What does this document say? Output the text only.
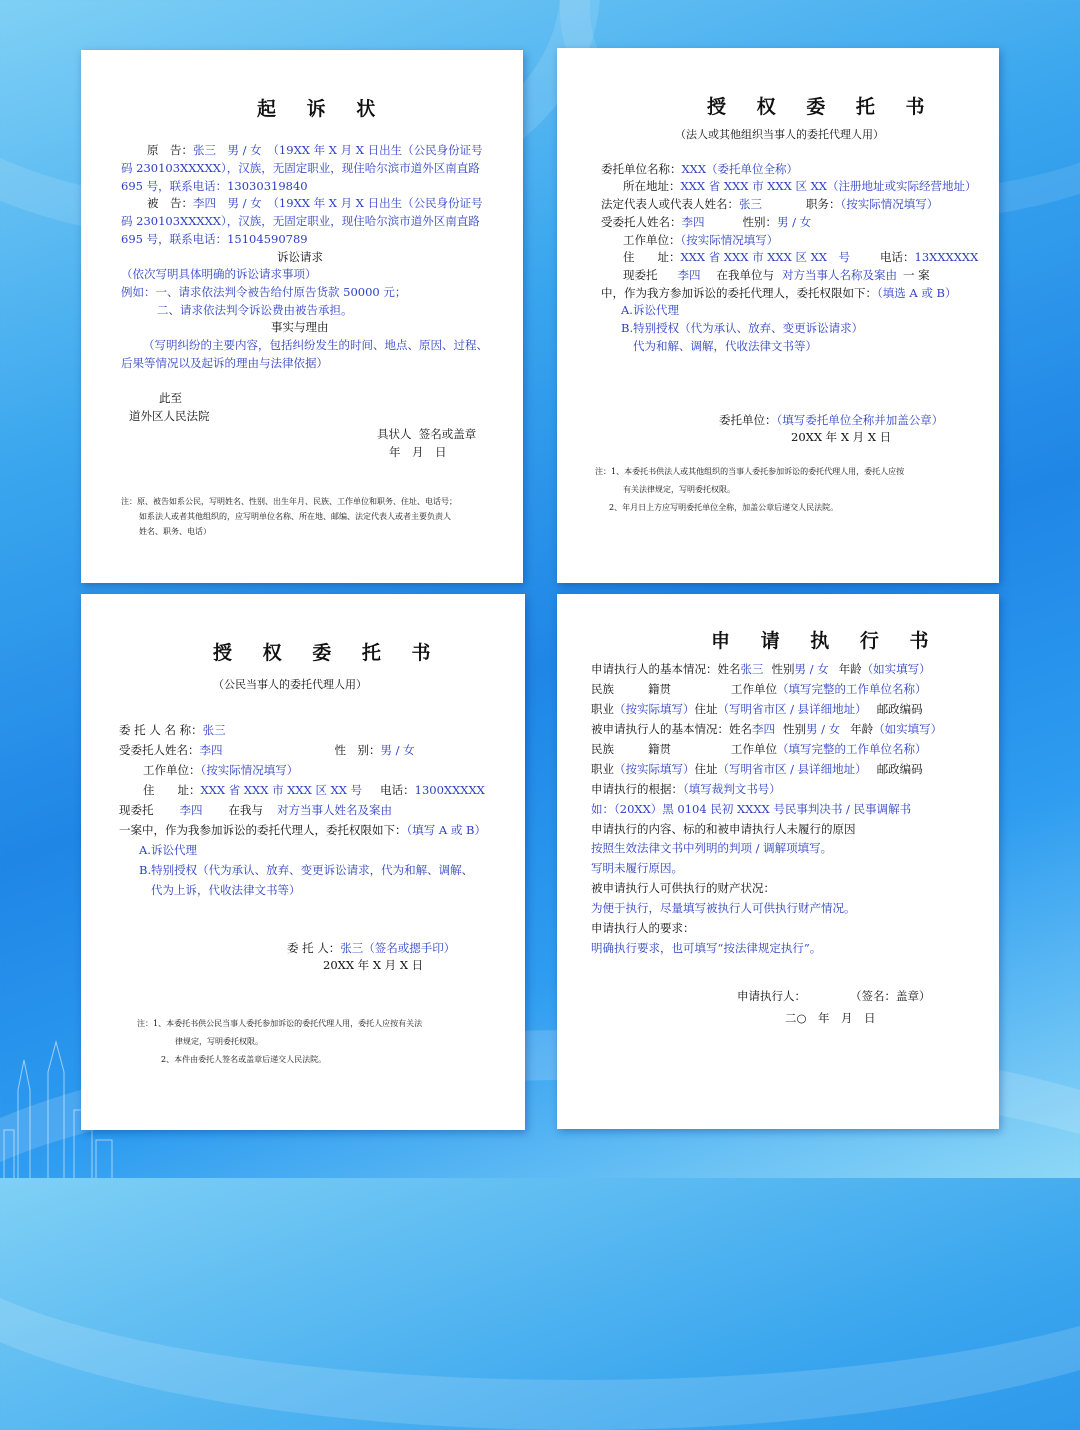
起 诉 状
原　告：张三　男 / 女　（19XX 年 X 月 X 日出生（公民身份证号
码 230103XXXXX），汉族，无固定职业，现住哈尔滨市道外区南直路
695 号，联系电话：13030319840
被　告：李四　男 / 女　（19XX 年 X 月 X 日出生（公民身份证号
码 230103XXXXX），汉族，无固定职业，现住哈尔滨市道外区南直路
695 号，联系电话：15104590789
诉讼请求
（依次写明具体明确的诉讼请求事项）
例如：一、请求依法判令被告给付原告货款 50000 元；
二、请求依法判令诉讼费由被告承担。
事实与理由
（写明纠纷的主要内容，包括纠纷发生的时间、地点、原因、过程、
后果等情况以及起诉的理由与法律依据）
此至
道外区人民法院
具状人  签名或盖章
年　月　日
注：原、被告如系公民，写明姓名、性别、出生年月、民族、工作单位和职务、住址、电话号；
如系法人或者其他组织的，应写明单位名称、所在地、邮编、法定代表人或者主要负责人
姓名、职务、电话）
授 权 委 托 书
（法人或其他组织当事人的委托代理人用）
委托单位名称：XXX（委托单位全称）
所在地址：XXX 省 XXX 市 XXX 区 XX（注册地址或实际经营地址）
法定代表人或代表人姓名：张三	职务：（按实际情况填写）
受委托人姓名：李四	性别：男 / 女
工作单位：（按实际情况填写）
住　　址：XXX 省 XXX 市 XXX 区 XX　号	电话：13XXXXXX
现委托 李四 在我单位与 对方当事人名称及案由 一 案
中，作为我方参加诉讼的委托代理人，委托权限如下：（填选 A 或 B）
A.诉讼代理
B.特别授权（代为承认、放弃、变更诉讼请求）
代为和解、调解，代收法律文书等）
委托单位：（填写委托单位全称并加盖公章）
20XX 年 X 月 X 日
注：1、本委托书供法人或其他组织的当事人委托参加诉讼的委托代理人用，委托人应按
有关法律规定，写明委托权限。
2、年月日上方应写明委托单位全称，加盖公章后递交人民法院。
授 权 委 托 书
（公民当事人的委托代理人用）
委 托 人 名 称：张三
受委托人姓名：李四	性　别：男 / 女
工作单位：（按实际情况填写）
住　　址：XXX 省 XXX 市 XXX 区 XX 号 电话：1300XXXXX
现委托 李四 在我与 对方当事人姓名及案由
一案中，作为我参加诉讼的委托代理人，委托权限如下：（填写 A 或 B）
A.诉讼代理
B.特别授权（代为承认、放弃、变更诉讼请求，代为和解、调解、
代为上诉，代收法律文书等）
委 托 人：张三（签名或摁手印）
20XX 年 X 月 X 日
注：1、本委托书供公民当事人委托参加诉讼的委托代理人用，委托人应按有关法
律规定，写明委托权限。
2、本件由委托人签名或盖章后递交人民法院。
申 请 执 行 书
申请执行人的基本情况：姓名张三 性别男 / 女 年龄（如实填写）
民族	籍贯	工作单位（填写完整的工作单位名称）
职业（按实际填写）住址（写明省市区 / 县详细地址） 邮政编码
被申请执行人的基本情况：姓名李四 性别男 / 女 年龄（如实填写）
民族	籍贯	工作单位（填写完整的工作单位名称）
职业（按实际填写）住址（写明省市区 / 县详细地址） 邮政编码
申请执行的根据：（填写裁判文书号）
如：（20XX）黑 0104 民初 XXXX 号民事判决书 / 民事调解书
申请执行的内容、标的和被申请执行人未履行的原因
按照生效法律文书中列明的判项 / 调解项填写。
写明未履行原因。
被申请执行人可供执行的财产状况：
为便于执行，尽量填写被执行人可供执行财产情况。
申请执行人的要求：
明确执行要求，也可填写“按法律规定执行”。
申请执行人：	（签名：盖章）
二○　年　月　日
